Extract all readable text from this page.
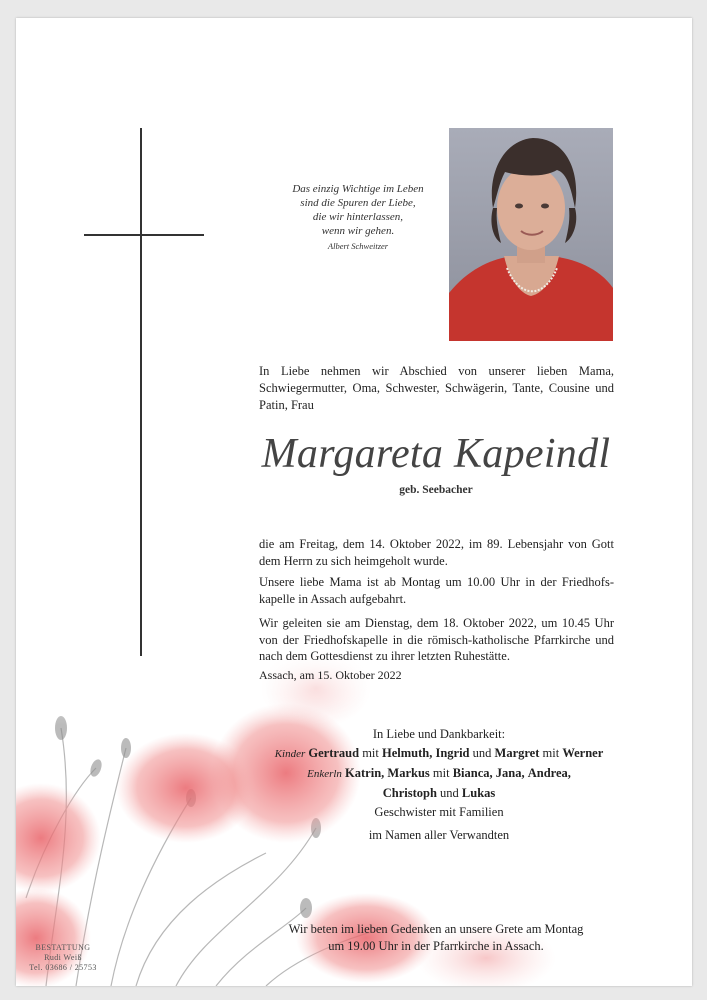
Das einzig Wichtige im Leben
sind die Spuren der Liebe,
die wir hinterlassen,
wenn wir gehen.
Albert Schweitzer
In Liebe nehmen wir Abschied von unserer lieben Mama, Schwiegermutter, Oma, Schwester, Schwägerin, Tante, Cousine und Patin, Frau
Margareta Kapeindl
geb. Seebacher
die am Freitag, dem 14. Oktober 2022, im 89. Lebensjahr von Gott dem Herrn zu sich heimgeholt wurde.
Unsere liebe Mama ist ab Montag um 10.00 Uhr in der Friedhofs-kapelle in Assach aufgebahrt.
Wir geleiten sie am Dienstag, dem 18. Oktober 2022, um 10.45 Uhr von der Friedhofskapelle in die römisch-katholische Pfarrkirche und nach dem Gottesdienst zu ihrer letzten Ruhestätte.
Assach, am 15. Oktober 2022
In Liebe und Dankbarkeit:
Kinder Gertraud mit Helmuth, Ingrid und Margret mit Werner
Enkerln Katrin, Markus mit Bianca, Jana, Andrea,
Christoph und Lukas
Geschwister mit Familien
im Namen aller Verwandten
Wir beten im lieben Gedenken an unsere Grete am Montag
um 19.00 Uhr in der Pfarrkirche in Assach.
BESTATTUNG
Rudi Weiß
Tel. 03686 / 25753
